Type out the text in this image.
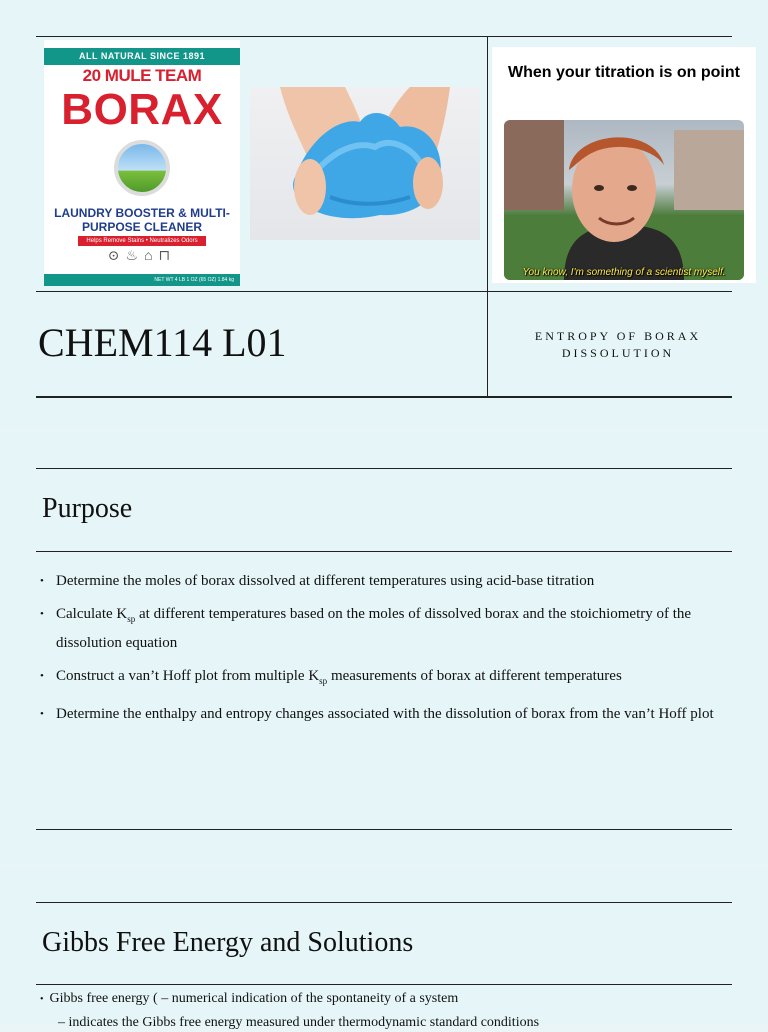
ALL NATURAL SINCE 1891
20 MULE TEAM
BORAX
LAUNDRY BOOSTER & MULTI-PURPOSE CLEANER
Helps Remove Stains • Neutralizes Odors
⊙♨⌂⊓
NET WT 4 LB 1 OZ (65 OZ) 1.84 kg
When your titration is on point
You know, I'm something of a scientist myself.
CHEM114 L01	ENTROPY OF BORAX DISSOLUTION
Purpose
• Determine the moles of borax dissolved at different temperatures using acid-base titration
• Calculate $K_{sp}$ at different temperatures based on the moles of dissolved borax and the stoichiometry of the dissolution equation
• Construct a van’t Hoff plot from multiple $K_{sp}$ measurements of borax at different temperatures
• Determine the enthalpy and entropy changes associated with the dissolution of borax from the van’t Hoff plot
Gibbs Free Energy and Solutions
• Gibbs free energy ( – numerical indication of the spontaneity of a system
– indicates the Gibbs free energy measured under thermodynamic standard conditions
